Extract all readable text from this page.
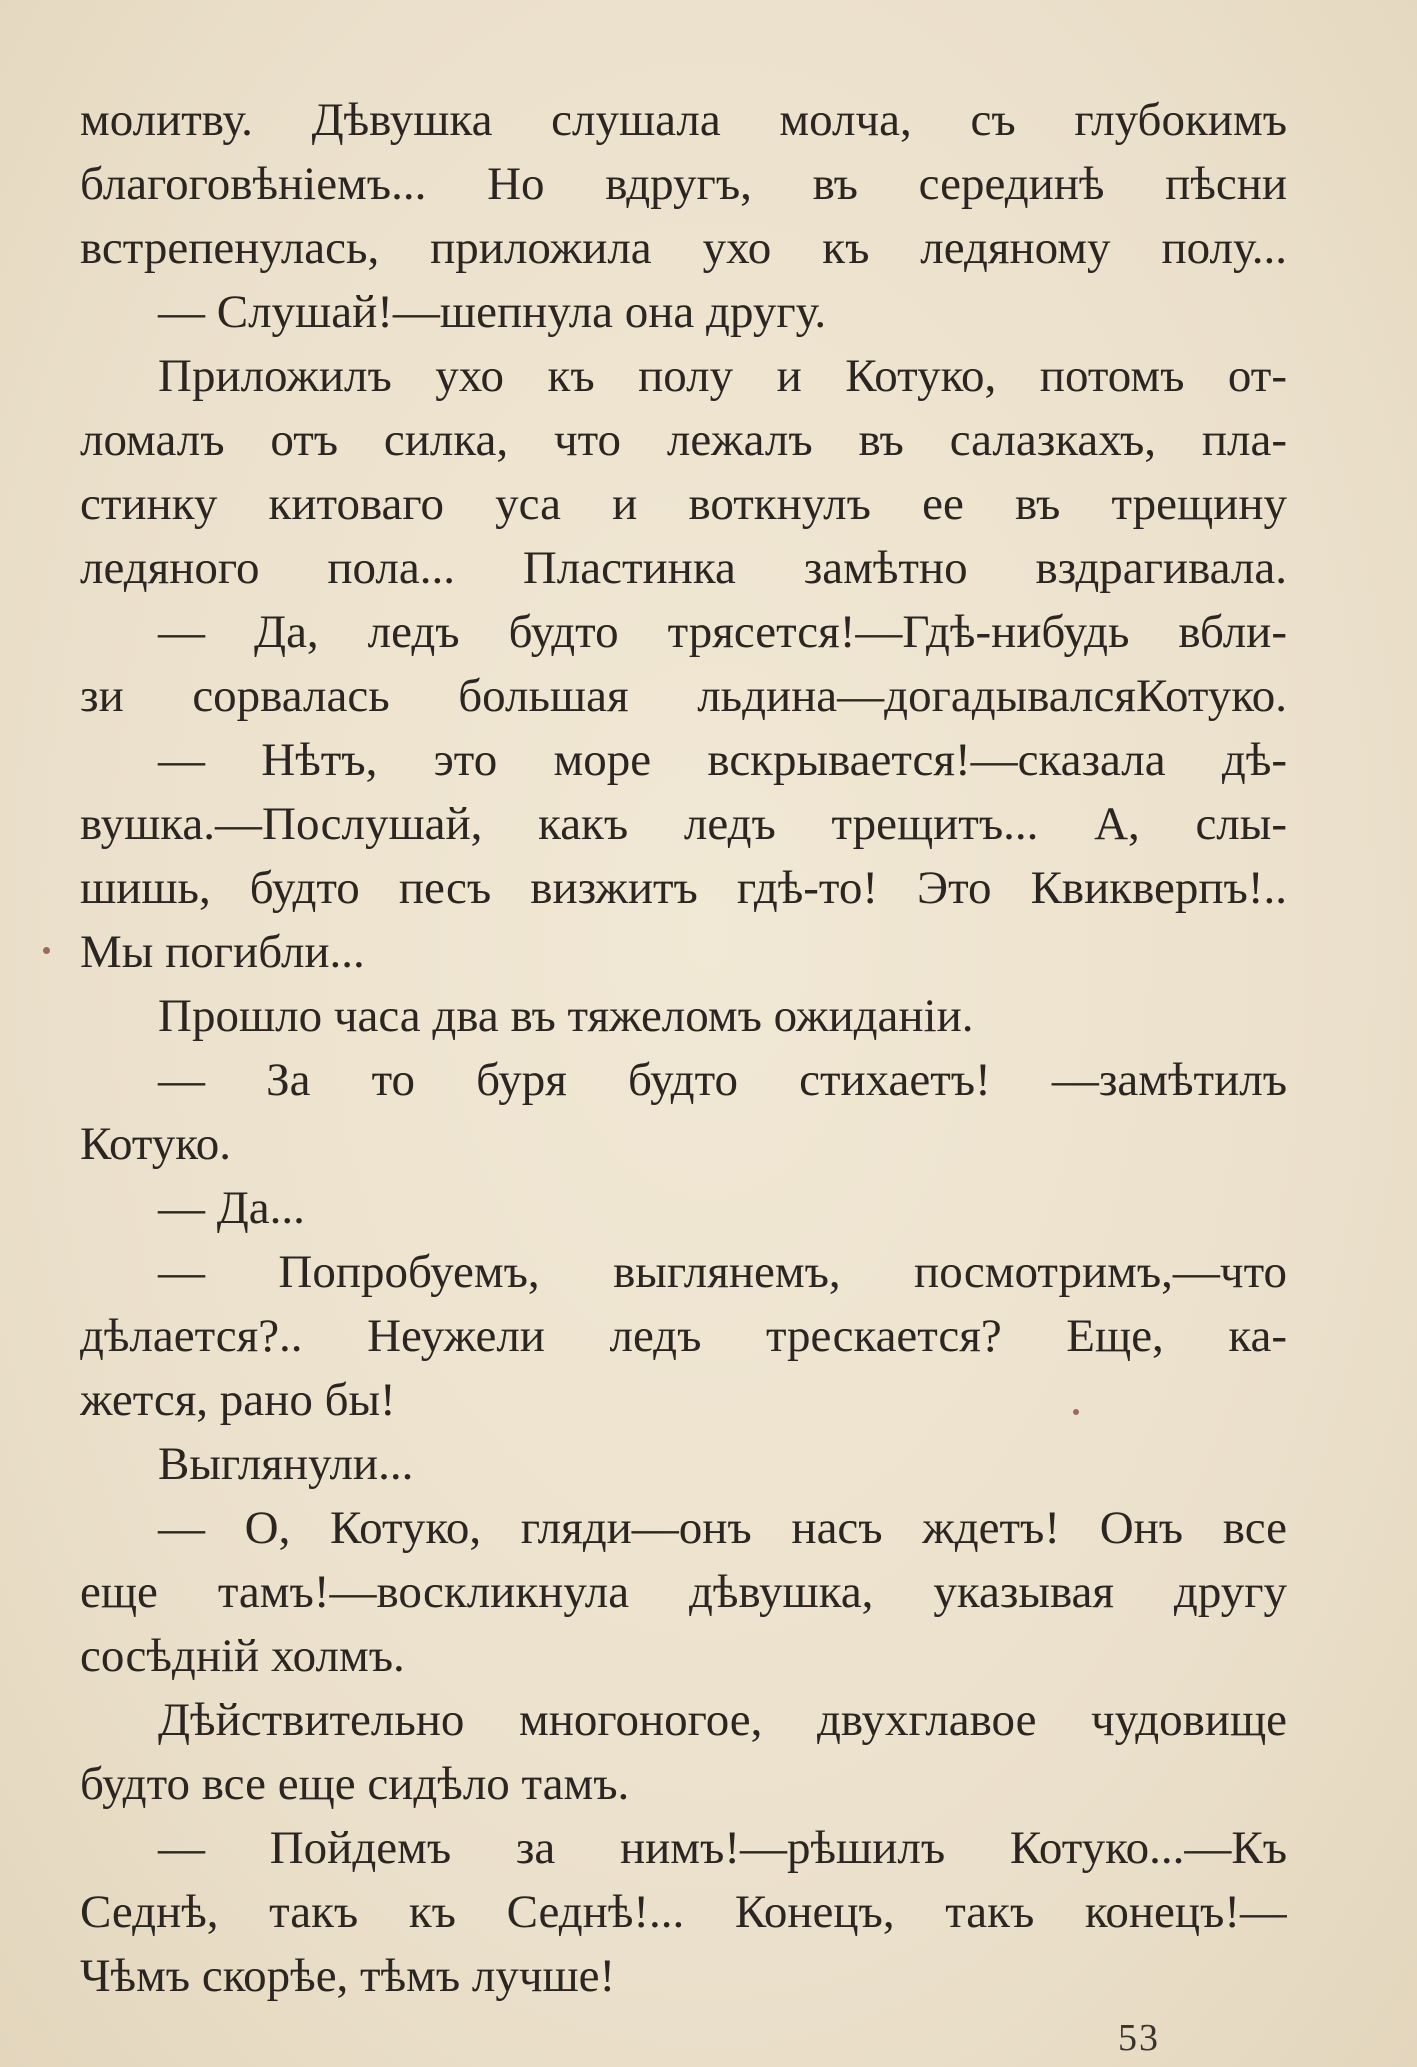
молитву. Дѣвушка слушала молча, съ глубокимъ
благоговѣніемъ... Но вдругъ, въ серединѣ пѣсни
встрепенулась, приложила ухо къ ледяному полу...
— Слушай!—шепнула она другу.
Приложилъ ухо къ полу и Котуко, потомъ от-
ломалъ отъ силка, что лежалъ въ салазкахъ, пла-
стинку китоваго уса и воткнулъ ее въ трещину
ледяного пола... Пластинка замѣтно вздрагивала.
— Да, ледъ будто трясется!—Гдѣ-нибудь вбли-
зи сорвалась большая льдина—догадывалсяКотуко.
— Нѣтъ, это море вскрывается!—сказала дѣ-
вушка.—Послушай, какъ ледъ трещитъ... А, слы-
шишь, будто песъ визжитъ гдѣ-то! Это Квикверпъ!..
Мы погибли...
Прошло часа два въ тяжеломъ ожиданіи.
— За то буря будто стихаетъ! —замѣтилъ
Котуко.
— Да...
— Попробуемъ, выглянемъ, посмотримъ,—что
дѣлается?.. Неужели ледъ трескается? Еще, ка-
жется, рано бы!
Выглянули...
— О, Котуко, гляди—онъ насъ ждетъ! Онъ все
еще тамъ!—воскликнула дѣвушка, указывая другу
сосѣдній холмъ.
Дѣйствительно многоногое, двухглавое чудовище
будто все еще сидѣло тамъ.
— Пойдемъ за нимъ!—рѣшилъ Котуко...—Къ
Седнѣ, такъ къ Седнѣ!... Конецъ, такъ конецъ!—
Чѣмъ скорѣе, тѣмъ лучше!
53
